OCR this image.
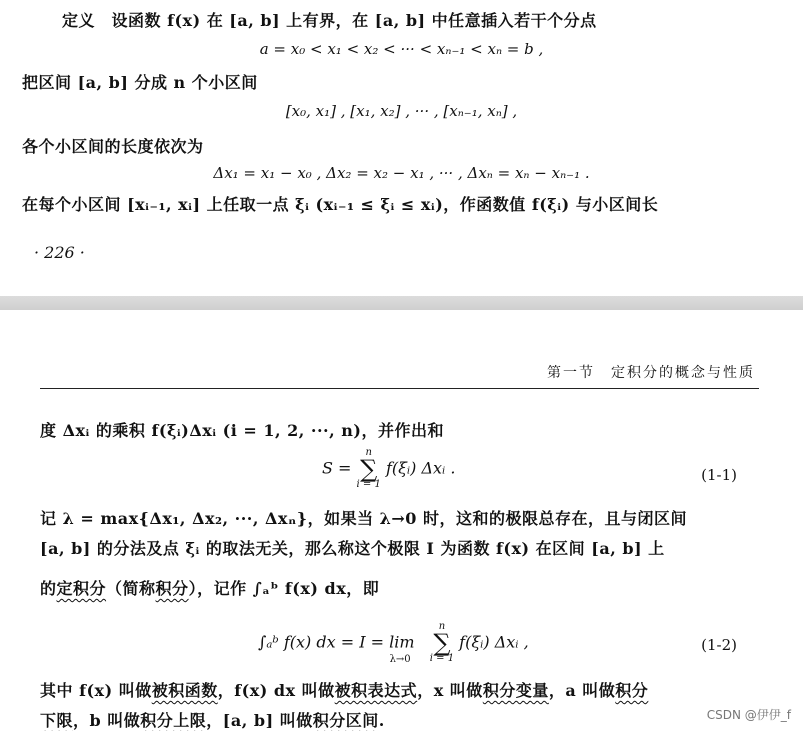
定义　设函数 f(x) 在 [a, b] 上有界，在 [a, b] 中任意插入若干个分点
a = x₀ < x₁ < x₂ < ··· < xₙ₋₁ < xₙ = b ,
把区间 [a, b] 分成 n 个小区间
[x₀, x₁] , [x₁, x₂] , ··· , [xₙ₋₁, xₙ] ,
各个小区间的长度依次为
Δx₁ = x₁ − x₀ , Δx₂ = x₂ − x₁ , ··· , Δxₙ = xₙ − xₙ₋₁ .
在每个小区间 [xᵢ₋₁, xᵢ] 上任取一点 ξᵢ (xᵢ₋₁ ≤ ξᵢ ≤ xᵢ)，作函数值 f(ξᵢ) 与小区间长
· 226 ·
第一节　定积分的概念与性质
度 Δxᵢ 的乘积 f(ξᵢ)Δxᵢ (i = 1, 2, ···, n)，并作出和
S =
n
∑
i = 1
f(ξᵢ) Δxᵢ .	(1-1)
记 λ = max{Δx₁, Δx₂, ···, Δxₙ}，如果当 λ→0 时，这和的极限总存在，且与闭区间
[a, b] 的分法及点 ξᵢ 的取法无关，那么称这个极限 I 为函数 f(x) 在区间 [a, b] 上
的定积分（简称积分），记作 ∫ₐᵇ f(x) dx，即
∫ₐᵇ f(x) dx = I = lim $_{\lambda\to 0}$
n
∑
i = 1
f(ξᵢ) Δxᵢ ,	(1-2)
其中 f(x) 叫做被积函数，f(x) dx 叫做被积表达式，x 叫做积分变量，a 叫做积分
下限，b 叫做积分上限，[a, b] 叫做积分区间.	CSDN @伊伊_f
